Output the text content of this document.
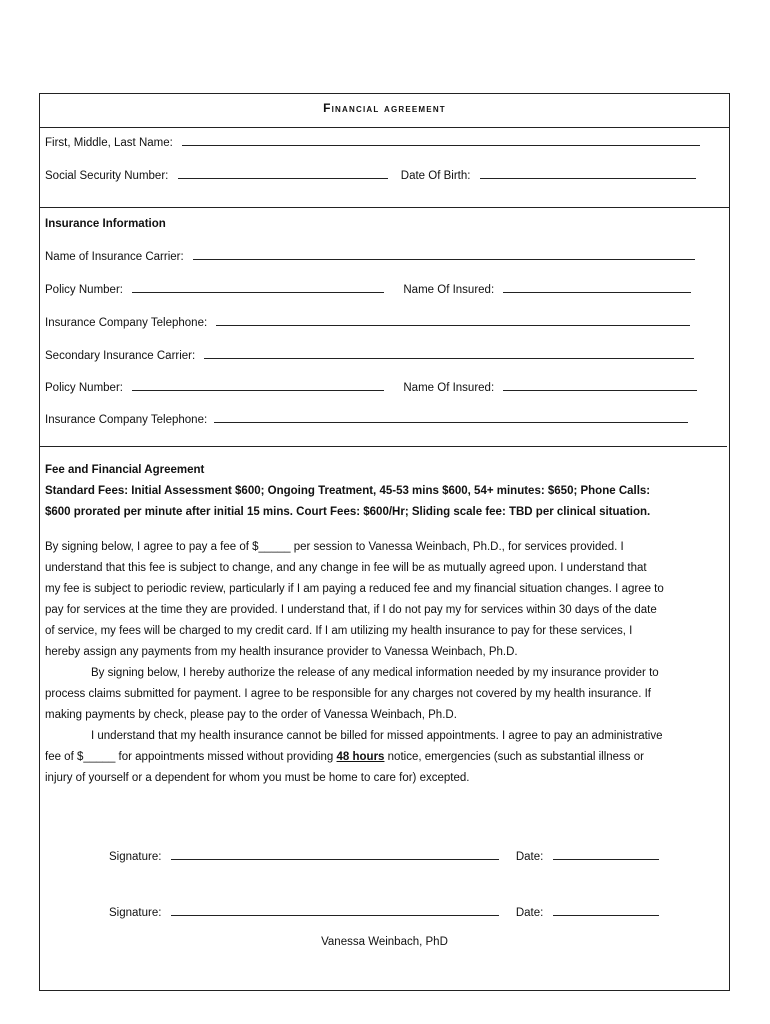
Financial agreement
First, Middle, Last Name:
Social Security Number:	Date Of Birth:
Insurance Information
Name of Insurance Carrier:
Policy Number:	Name Of Insured:
Insurance Company Telephone:
Secondary Insurance Carrier:
Policy Number:	Name Of Insured:
Insurance Company Telephone:
Fee and Financial Agreement
Standard Fees: Initial Assessment $600; Ongoing Treatment, 45-53 mins $600, 54+ minutes: $650; Phone Calls:
$600 prorated per minute after initial 15 mins. Court Fees: $600/Hr; Sliding scale fee: TBD per clinical situation.
By signing below, I agree to pay a fee of $_____ per session to Vanessa Weinbach, Ph.D., for services provided. I
understand that this fee is subject to change, and any change in fee will be as mutually agreed upon. I understand that
my fee is subject to periodic review, particularly if I am paying a reduced fee and my financial situation changes. I agree to
pay for services at the time they are provided. I understand that, if I do not pay my for services within 30 days of the date
of service, my fees will be charged to my credit card. If I am utilizing my health insurance to pay for these services, I
hereby assign any payments from my health insurance provider to Vanessa Weinbach, Ph.D.
By signing below, I hereby authorize the release of any medical information needed by my insurance provider to
process claims submitted for payment. I agree to be responsible for any charges not covered by my health insurance. If
making payments by check, please pay to the order of Vanessa Weinbach, Ph.D.
I understand that my health insurance cannot be billed for missed appointments. I agree to pay an administrative
fee of $_____ for appointments missed without providing 48 hours notice, emergencies (such as substantial illness or
injury of yourself or a dependent for whom you must be home to care for) excepted.
Signature:	Date:
Signature:	Date:
Vanessa Weinbach, PhD
